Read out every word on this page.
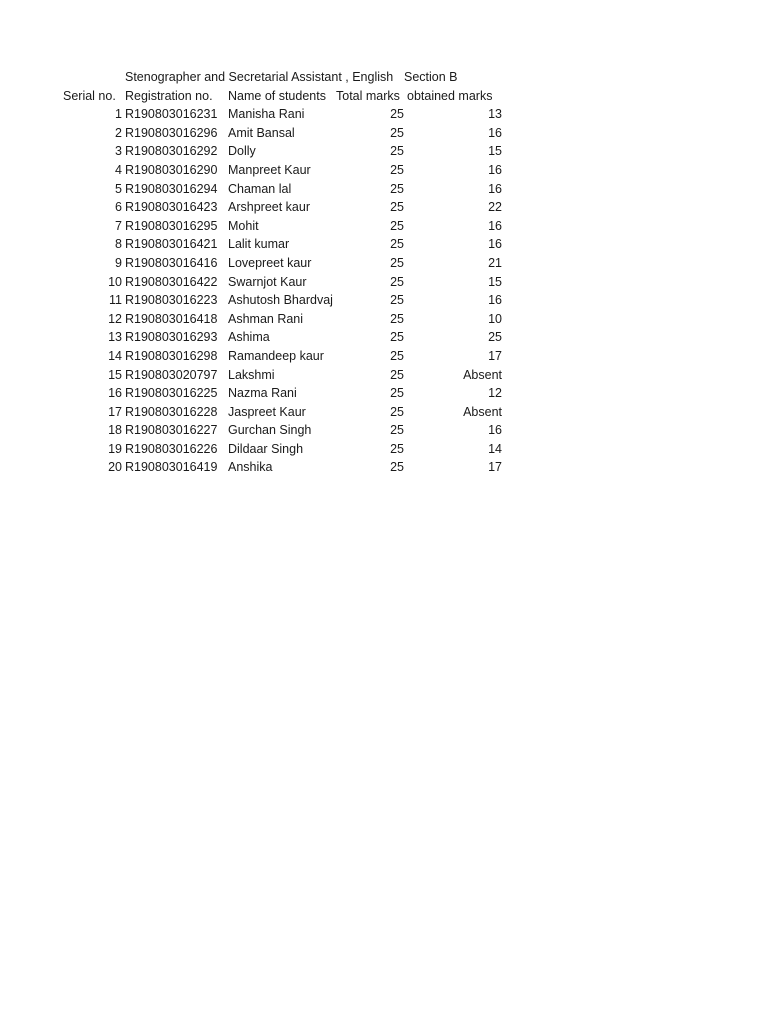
Stenographer and Secretarial Assistant , English Section B
Serial no. Registration no. Name of students Total marks obtained marks
1 R190803016231 Manisha Rani	25	13
2 R190803016296 Amit Bansal	25	16
3 R190803016292 Dolly	25	15
4 R190803016290 Manpreet Kaur	25	16
5 R190803016294 Chaman lal	25	16
6 R190803016423 Arshpreet kaur	25	22
7 R190803016295 Mohit	25	16
8 R190803016421 Lalit kumar	25	16
9 R190803016416 Lovepreet kaur	25	21
10 R190803016422 Swarnjot Kaur	25	15
11 R190803016223 Ashutosh Bhardvaj	25	16
12 R190803016418 Ashman Rani	25	10
13 R190803016293 Ashima	25	25
14 R190803016298 Ramandeep kaur	25	17
15 R190803020797 Lakshmi	25	Absent
16 R190803016225 Nazma Rani	25	12
17 R190803016228 Jaspreet Kaur	25	Absent
18 R190803016227 Gurchan Singh	25	16
19 R190803016226 Dildaar Singh	25	14
20 R190803016419 Anshika	25	17
